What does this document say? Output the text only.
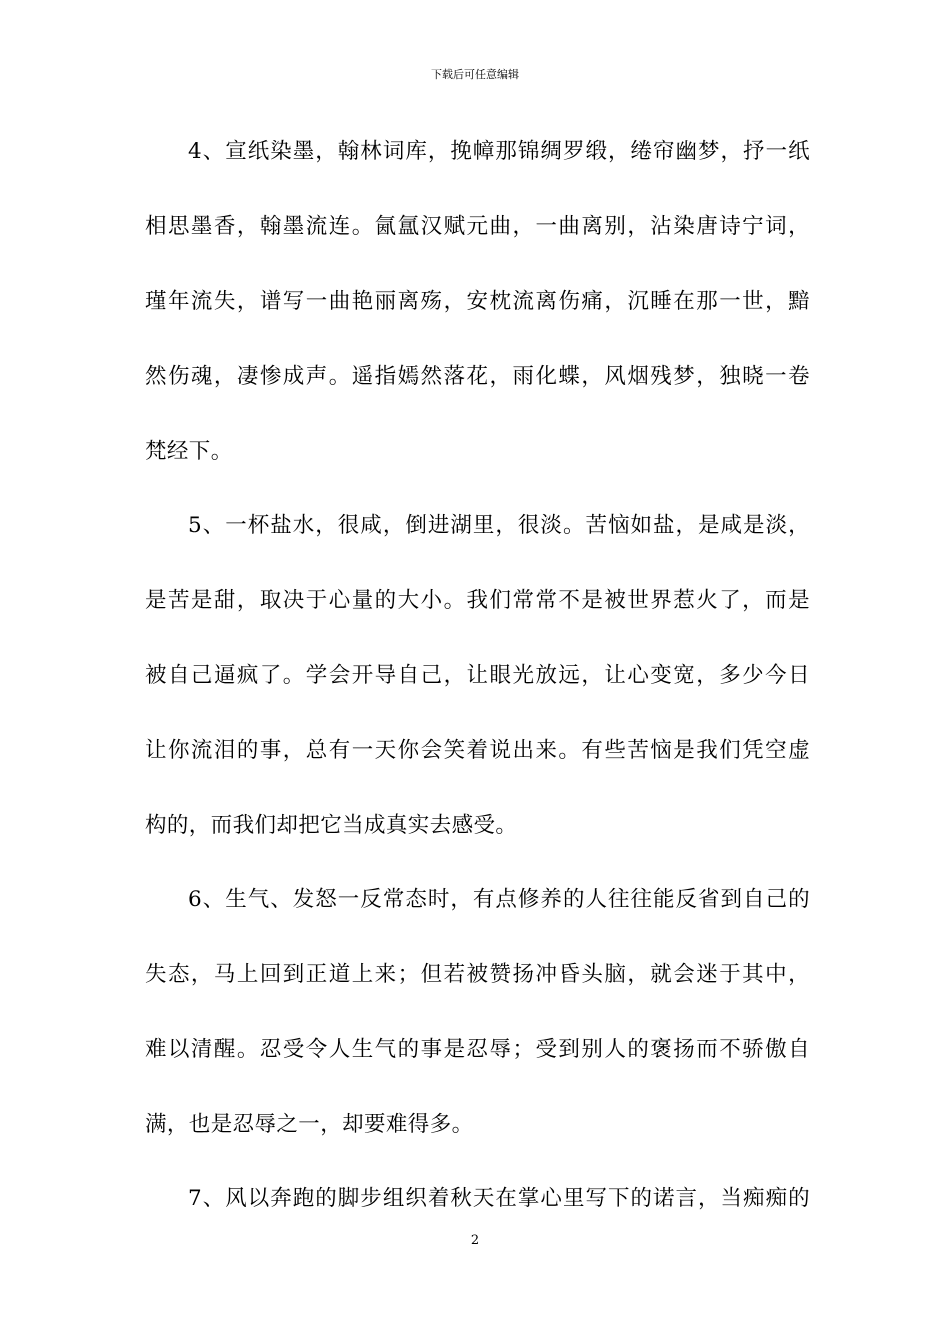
下载后可任意编辑
4、宣纸染墨，翰林词库，挽幛那锦绸罗缎，绻帘幽梦，抒一纸
相思墨香，翰墨流连。氤氲汉赋元曲，一曲离别，沾染唐诗宁词，
瑾年流失，谱写一曲艳丽离殇，安枕流离伤痛，沉睡在那一世，黯
然伤魂，凄惨成声。遥指嫣然落花，雨化蝶，风烟残梦，独晓一卷
梵经下。
5、一杯盐水，很咸，倒进湖里，很淡。苦恼如盐，是咸是淡，
是苦是甜，取决于心量的大小。我们常常不是被世界惹火了，而是
被自己逼疯了。学会开导自己，让眼光放远，让心变宽，多少今日
让你流泪的事，总有一天你会笑着说出来。有些苦恼是我们凭空虚
构的，而我们却把它当成真实去感受。
6、生气、发怒一反常态时，有点修养的人往往能反省到自己的
失态，马上回到正道上来；但若被赞扬冲昏头脑，就会迷于其中，
难以清醒。忍受令人生气的事是忍辱；受到别人的褒扬而不骄傲自
满，也是忍辱之一，却要难得多。
7、风以奔跑的脚步组织着秋天在掌心里写下的诺言，当痴痴的
2
